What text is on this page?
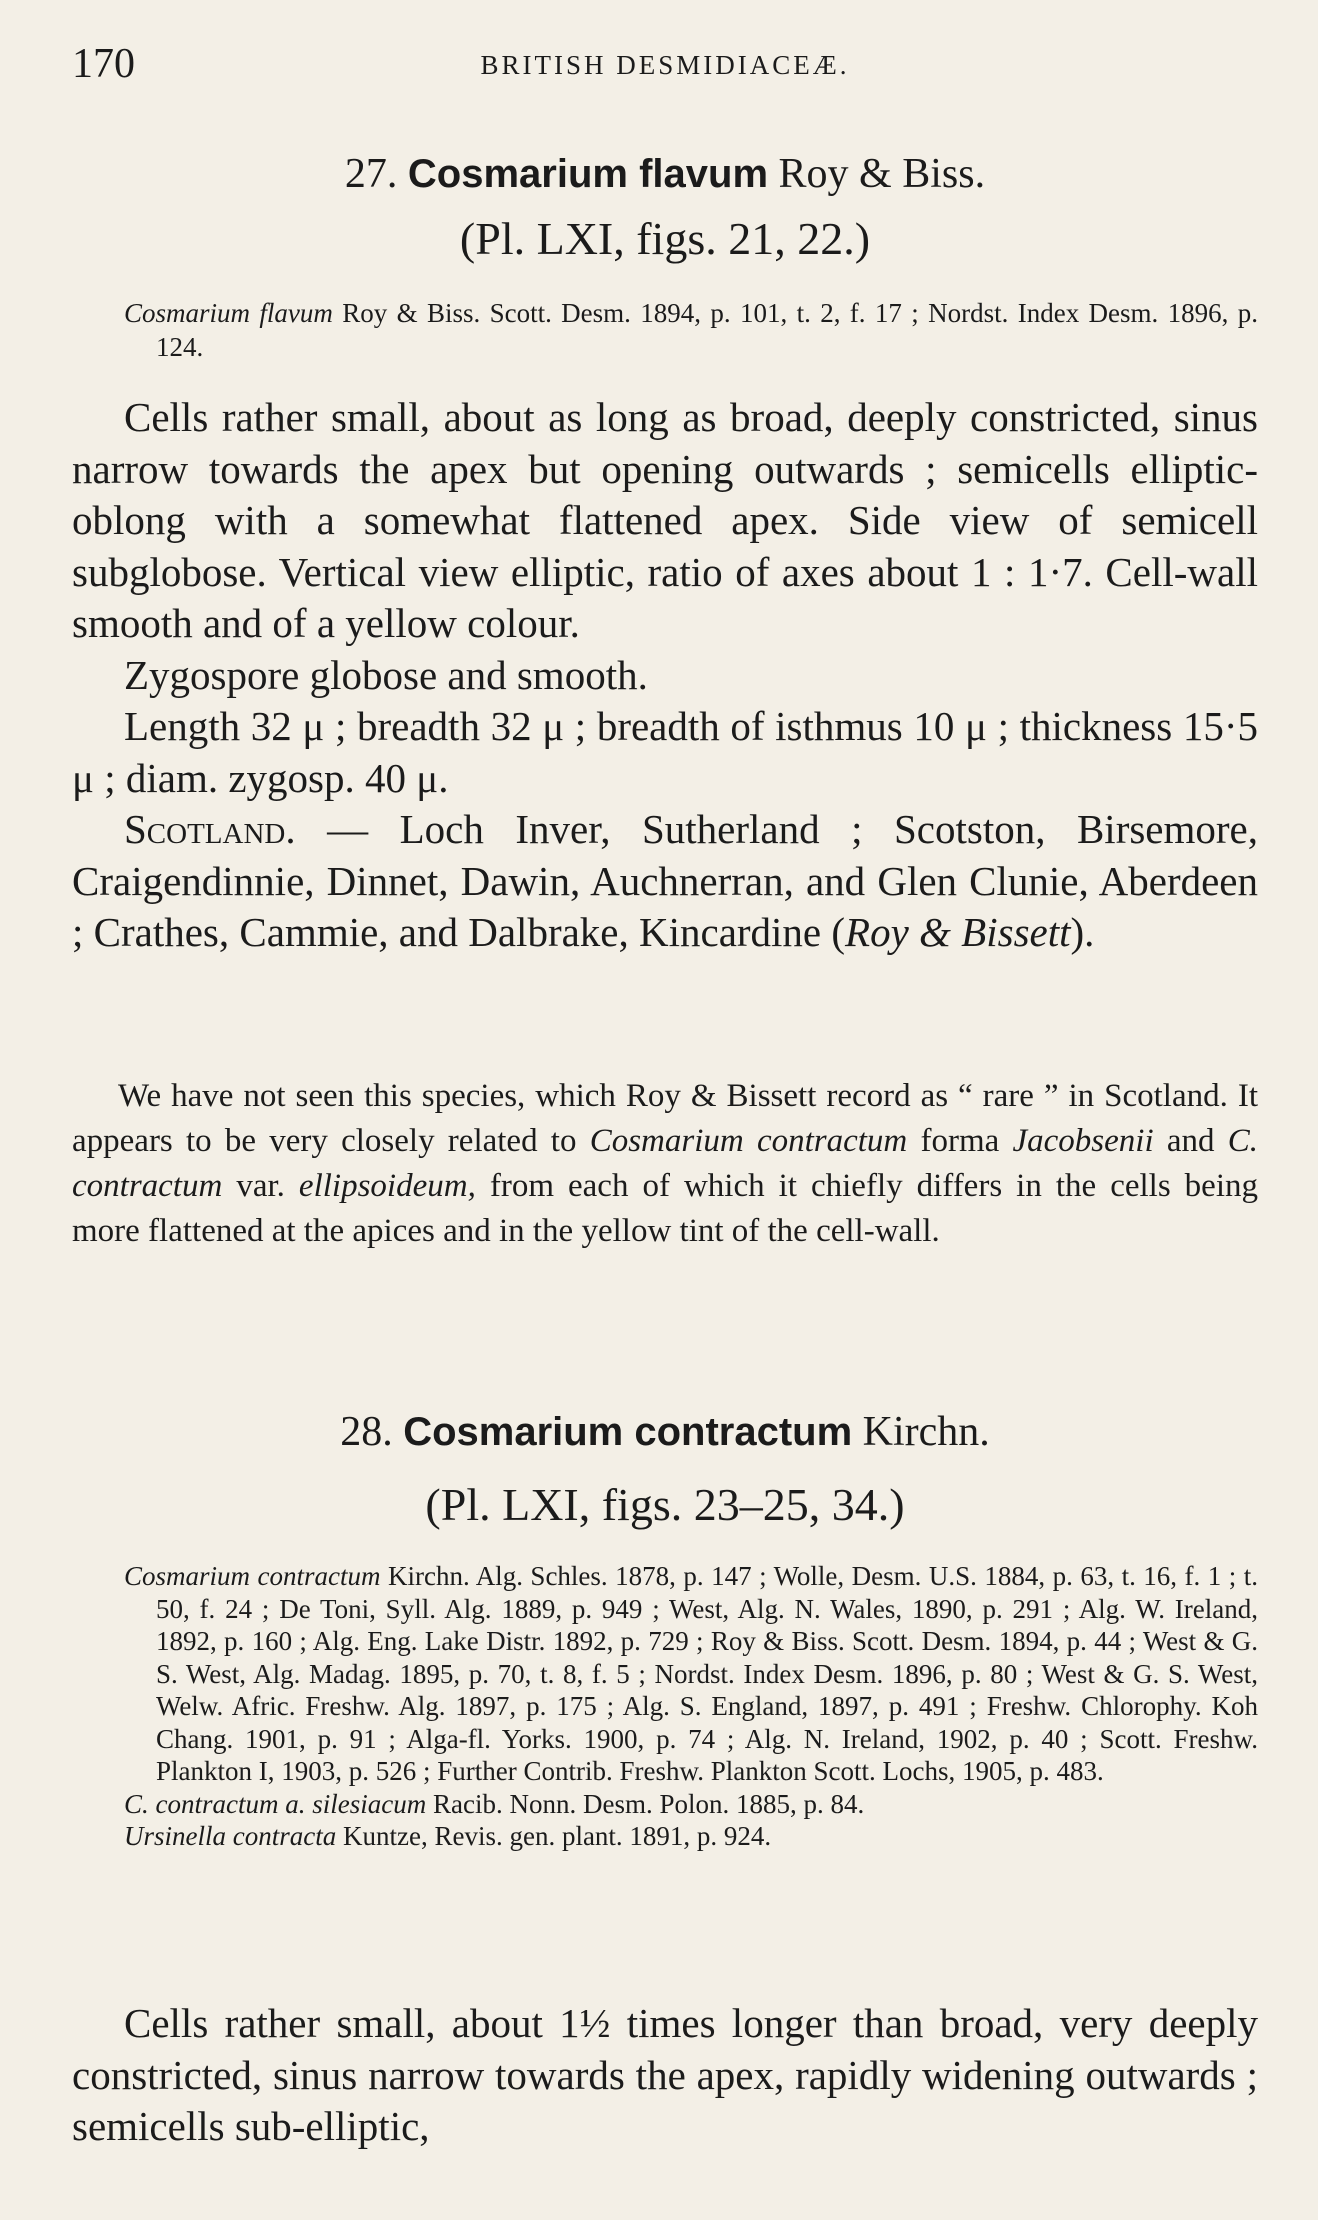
170	BRITISH DESMIDIACEÆ.
27. Cosmarium flavum Roy & Biss.
(Pl. LXI, figs. 21, 22.)

Cosmarium flavum Roy & Biss. Scott. Desm. 1894, p. 101, t. 2, f. 17 ; Nordst. Index Desm. 1896, p. 124.

Cells rather small, about as long as broad, deeply constricted, sinus narrow towards the apex but opening outwards ; semicells elliptic-oblong with a somewhat flattened apex. Side view of semicell subglobose. Vertical view elliptic, ratio of axes about 1 : 1·7. Cell-wall smooth and of a yellow colour.

Zygospore globose and smooth.

Length 32 μ ; breadth 32 μ ; breadth of isthmus 10 μ ; thickness 15·5 μ ; diam. zygosp. 40 μ.

Scotland. — Loch Inver, Sutherland ; Scotston, Birsemore, Craigendinnie, Dinnet, Dawin, Auchnerran, and Glen Clunie, Aberdeen ; Crathes, Cammie, and Dalbrake, Kincardine (Roy & Bissett).

We have not seen this species, which Roy & Bissett record as “ rare ” in Scotland. It appears to be very closely related to Cosmarium contractum forma Jacobsenii and C. contractum var. ellipsoideum, from each of which it chiefly differs in the cells being more flattened at the apices and in the yellow tint of the cell-wall.

28. Cosmarium contractum Kirchn.
(Pl. LXI, figs. 23–25, 34.)

Cosmarium contractum Kirchn. Alg. Schles. 1878, p. 147 ; Wolle, Desm. U.S. 1884, p. 63, t. 16, f. 1 ; t. 50, f. 24 ; De Toni, Syll. Alg. 1889, p. 949 ; West, Alg. N. Wales, 1890, p. 291 ; Alg. W. Ireland, 1892, p. 160 ; Alg. Eng. Lake Distr. 1892, p. 729 ; Roy & Biss. Scott. Desm. 1894, p. 44 ; West & G. S. West, Alg. Madag. 1895, p. 70, t. 8, f. 5 ; Nordst. Index Desm. 1896, p. 80 ; West & G. S. West, Welw. Afric. Freshw. Alg. 1897, p. 175 ; Alg. S. England, 1897, p. 491 ; Freshw. Chlorophy. Koh Chang. 1901, p. 91 ; Alga-fl. Yorks. 1900, p. 74 ; Alg. N. Ireland, 1902, p. 40 ; Scott. Freshw. Plankton I, 1903, p. 526 ; Further Contrib. Freshw. Plankton Scott. Lochs, 1905, p. 483.

C. contractum a. silesiacum Racib. Nonn. Desm. Polon. 1885, p. 84.

Ursinella contracta Kuntze, Revis. gen. plant. 1891, p. 924.

Cells rather small, about 1½ times longer than broad, very deeply constricted, sinus narrow towards the apex, rapidly widening outwards ; semicells sub-elliptic,
